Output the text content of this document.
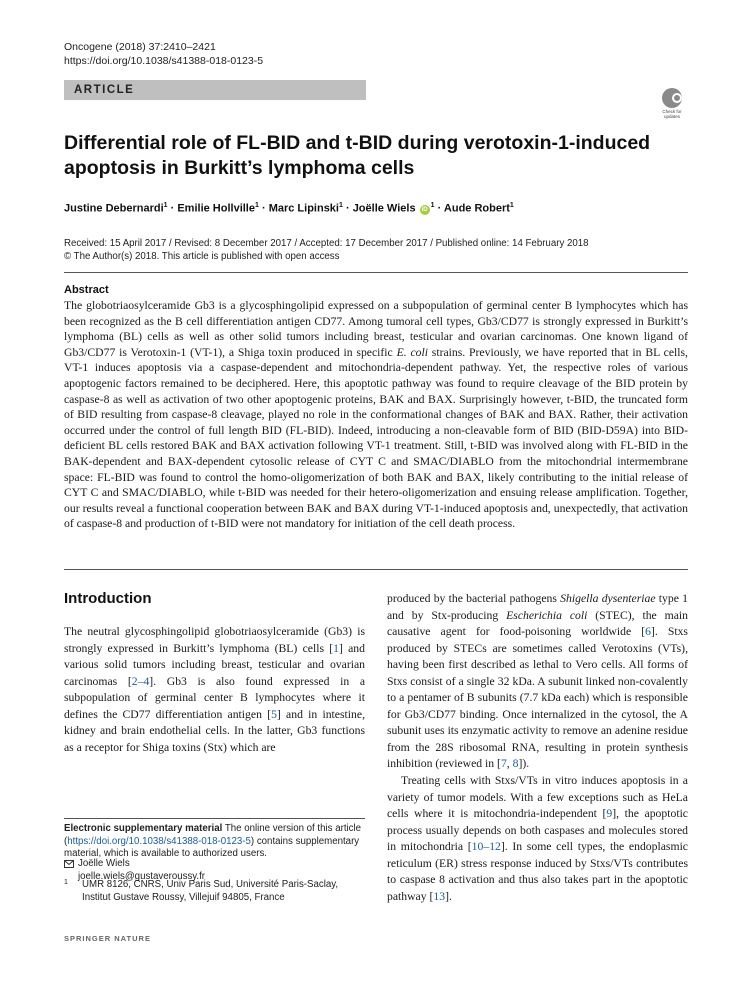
Oncogene (2018) 37:2410–2421
https://doi.org/10.1038/s41388-018-0123-5
ARTICLE
Check for
updates
Differential role of FL-BID and t-BID during verotoxin-1-induced apoptosis in Burkitt’s lymphoma cells
Justine Debernardi$^1$ · Emilie Hollville$^1$ · Marc Lipinski$^1$ · Joëlle Wiels $iD^1$ · Aude Robert$^1$
Received: 15 April 2017 / Revised: 8 December 2017 / Accepted: 17 December 2017 / Published online: 14 February 2018
© The Author(s) 2018. This article is published with open access
Abstract
The globotriaosylceramide Gb3 is a glycosphingolipid expressed on a subpopulation of germinal center B lymphocytes which has been recognized as the B cell differentiation antigen CD77. Among tumoral cell types, Gb3/CD77 is strongly expressed in Burkitt’s lymphoma (BL) cells as well as other solid tumors including breast, testicular and ovarian carcinomas. One known ligand of Gb3/CD77 is Verotoxin-1 (VT-1), a Shiga toxin produced in specific E. coli strains. Previously, we have reported that in BL cells, VT-1 induces apoptosis via a caspase-dependent and mitochondria-dependent pathway. Yet, the respective roles of various apoptogenic factors remained to be deciphered. Here, this apoptotic pathway was found to require cleavage of the BID protein by caspase-8 as well as activation of two other apoptogenic proteins, BAK and BAX. Surprisingly however, t-BID, the truncated form of BID resulting from caspase-8 cleavage, played no role in the conformational changes of BAK and BAX. Rather, their activation occurred under the control of full length BID (FL-BID). Indeed, introducing a non-cleavable form of BID (BID-D59A) into BID-deficient BL cells restored BAK and BAX activation following VT-1 treatment. Still, t-BID was involved along with FL-BID in the BAK-dependent and BAX-dependent cytosolic release of CYT C and SMAC/DIABLO from the mitochondrial intermembrane space: FL-BID was found to control the homo-oligomerization of both BAK and BAX, likely contributing to the initial release of CYT C and SMAC/DIABLO, while t-BID was needed for their hetero-oligomerization and ensuing release amplification. Together, our results reveal a functional cooperation between BAK and BAX during VT-1-induced apoptosis and, unexpectedly, that activation of caspase-8 and production of t-BID were not mandatory for initiation of the cell death process.
Introduction

The neutral glycosphingolipid globotriaosylceramide (Gb3) is strongly expressed in Burkitt’s lymphoma (BL) cells [1] and various solid tumors including breast, testicular and ovarian carcinomas [2–4]. Gb3 is also found expressed in a subpopulation of germinal center B lymphocytes where it defines the CD77 differentiation antigen [5] and in intestine, kidney and brain endothelial cells. In the latter, Gb3 functions as a receptor for Shiga toxins (Stx) which are

produced by the bacterial pathogens Shigella dysenteriae type 1 and by Stx-producing Escherichia coli (STEC), the main causative agent for food-poisoning worldwide [6]. Stxs produced by STECs are sometimes called Verotoxins (VTs), having been first described as lethal to Vero cells. All forms of Stxs consist of a single 32 kDa. A subunit linked non-covalently to a pentamer of B subunits (7.7 kDa each) which is responsible for Gb3/CD77 binding. Once internalized in the cytosol, the A subunit uses its enzymatic activity to remove an adenine residue from the 28S ribosomal RNA, resulting in protein synthesis inhibition (reviewed in [7, 8]).

Treating cells with Stxs/VTs in vitro induces apoptosis in a variety of tumor models. With a few exceptions such as HeLa cells where it is mitochondria-independent [9], the apoptotic process usually depends on both caspases and molecules stored in mitochondria [10–12]. In some cell types, the endoplasmic reticulum (ER) stress response induced by Stxs/VTs contributes to caspase 8 activation and thus also takes part in the apoptotic pathway [13].

Electronic supplementary material The online version of this article (https://doi.org/10.1038/s41388-018-0123-5) contains supplementary material, which is available to authorized users.
Joëlle Wiels
joelle.wiels@gustaveroussy.fr
1 UMR 8126, CNRS, Univ Paris Sud, Université Paris-Saclay, Institut Gustave Roussy, Villejuif 94805, France
SPRINGER NATURE
